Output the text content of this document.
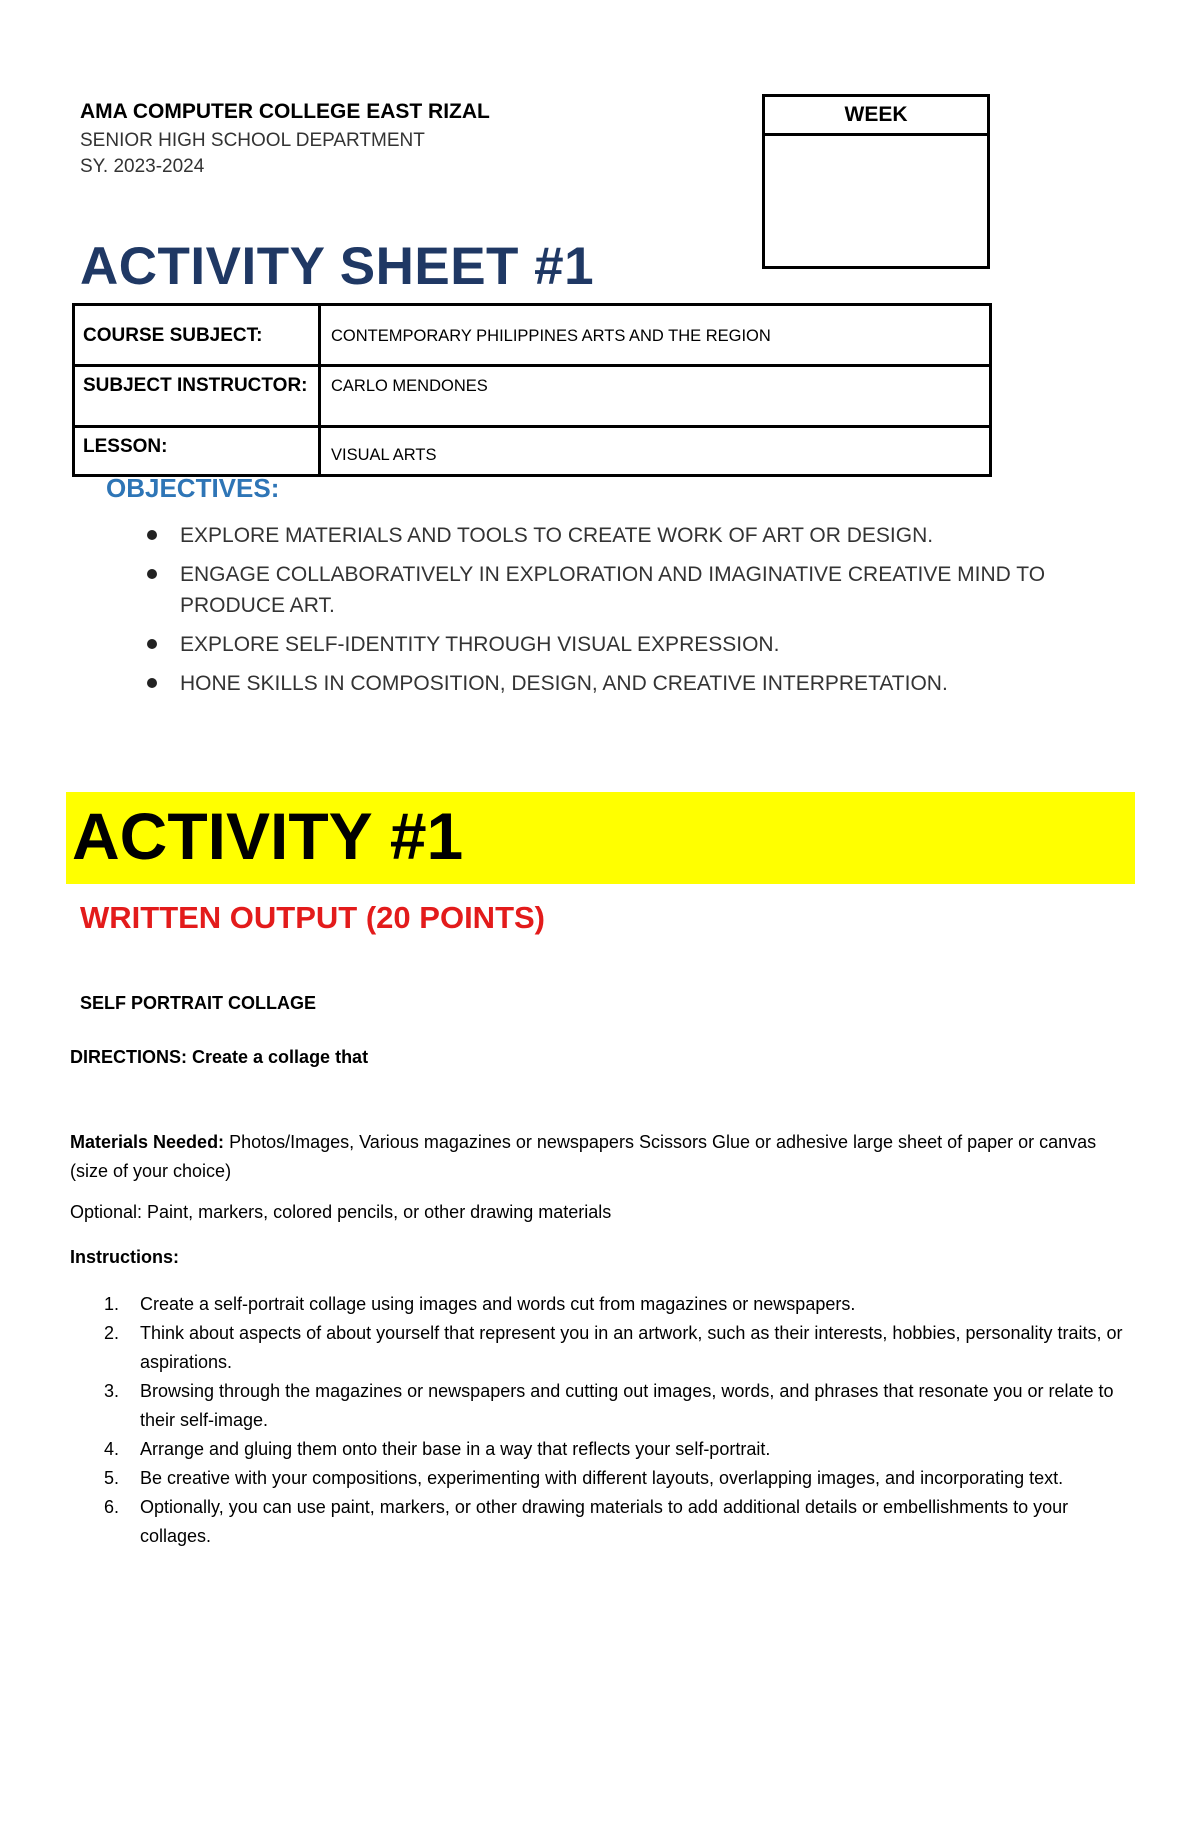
AMA COMPUTER COLLEGE EAST RIZAL
SENIOR HIGH SCHOOL DEPARTMENT
SY. 2023-2024
WEEK
ACTIVITY SHEET #1
COURSE SUBJECT:	CONTEMPORARY PHILIPPINES ARTS AND THE REGION
SUBJECT INSTRUCTOR:	CARLO MENDONES
LESSON:	VISUAL ARTS
OBJECTIVES:
EXPLORE MATERIALS AND TOOLS TO CREATE WORK OF ART OR DESIGN.
ENGAGE COLLABORATIVELY IN EXPLORATION AND IMAGINATIVE CREATIVE MIND TO PRODUCE ART.
EXPLORE SELF-IDENTITY THROUGH VISUAL EXPRESSION.
HONE SKILLS IN COMPOSITION, DESIGN, AND CREATIVE INTERPRETATION.
ACTIVITY #1
WRITTEN OUTPUT (20 POINTS)
SELF PORTRAIT COLLAGE
DIRECTIONS: Create a collage that
Materials Needed: Photos/Images, Various magazines or newspapers Scissors Glue or adhesive large sheet of paper or canvas (size of your choice)
Optional: Paint, markers, colored pencils, or other drawing materials
Instructions:
1. Create a self-portrait collage using images and words cut from magazines or newspapers.
2. Think about aspects of about yourself that represent you in an artwork, such as their interests, hobbies, personality traits, or aspirations.
3. Browsing through the magazines or newspapers and cutting out images, words, and phrases that resonate you or relate to their self-image.
4. Arrange and gluing them onto their base in a way that reflects your self-portrait.
5. Be creative with your compositions, experimenting with different layouts, overlapping images, and incorporating text.
6. Optionally, you can use paint, markers, or other drawing materials to add additional details or embellishments to your collages.
